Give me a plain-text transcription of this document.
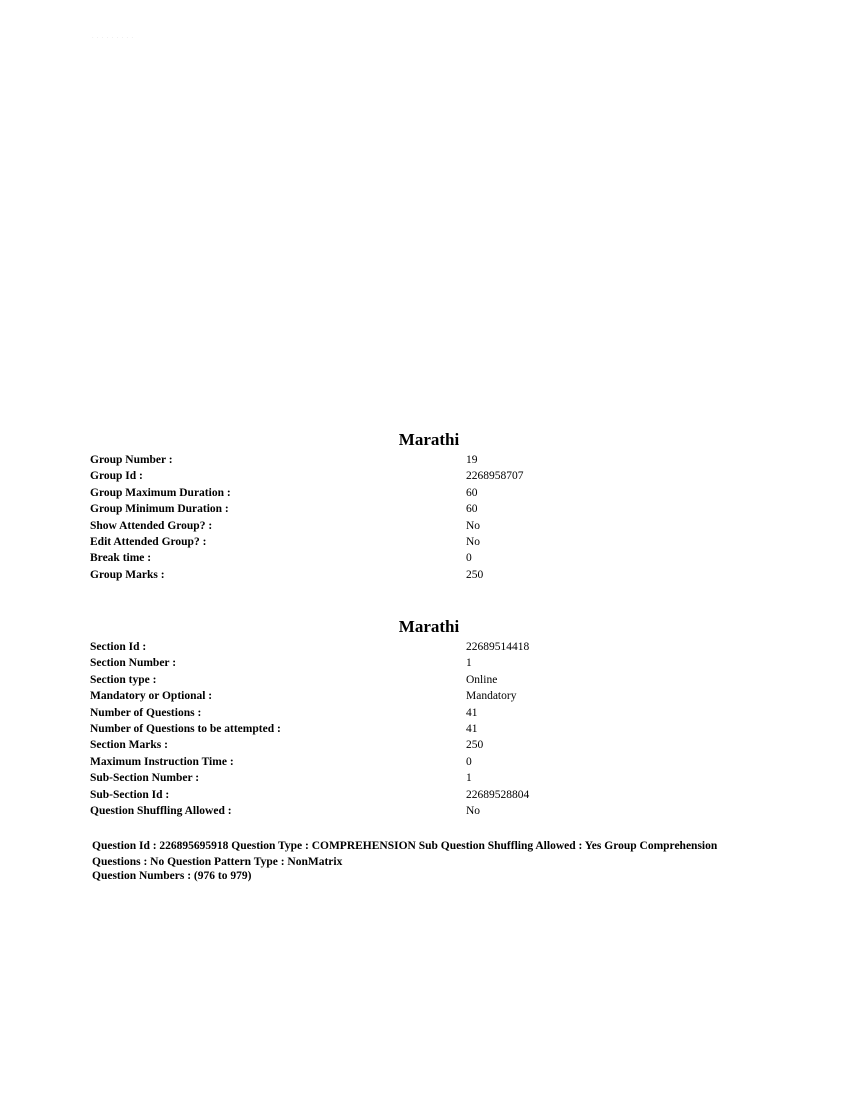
· · · · · · · · ·
Marathi
Group Number :	19
Group Id :	2268958707
Group Maximum Duration :	60
Group Minimum Duration :	60
Show Attended Group? :	No
Edit Attended Group? :	No
Break time :	0
Group Marks :	250
Marathi
Section Id :	22689514418
Section Number :	1
Section type :	Online
Mandatory or Optional :	Mandatory
Number of Questions :	41
Number of Questions to be attempted :	41
Section Marks :	250
Maximum Instruction Time :	0
Sub-Section Number :	1
Sub-Section Id :	22689528804
Question Shuffling Allowed :	No
Question Id : 226895695918 Question Type : COMPREHENSION Sub Question Shuffling Allowed : Yes Group Comprehension Questions : No Question Pattern Type : NonMatrix
Question Numbers : (976 to 979)
